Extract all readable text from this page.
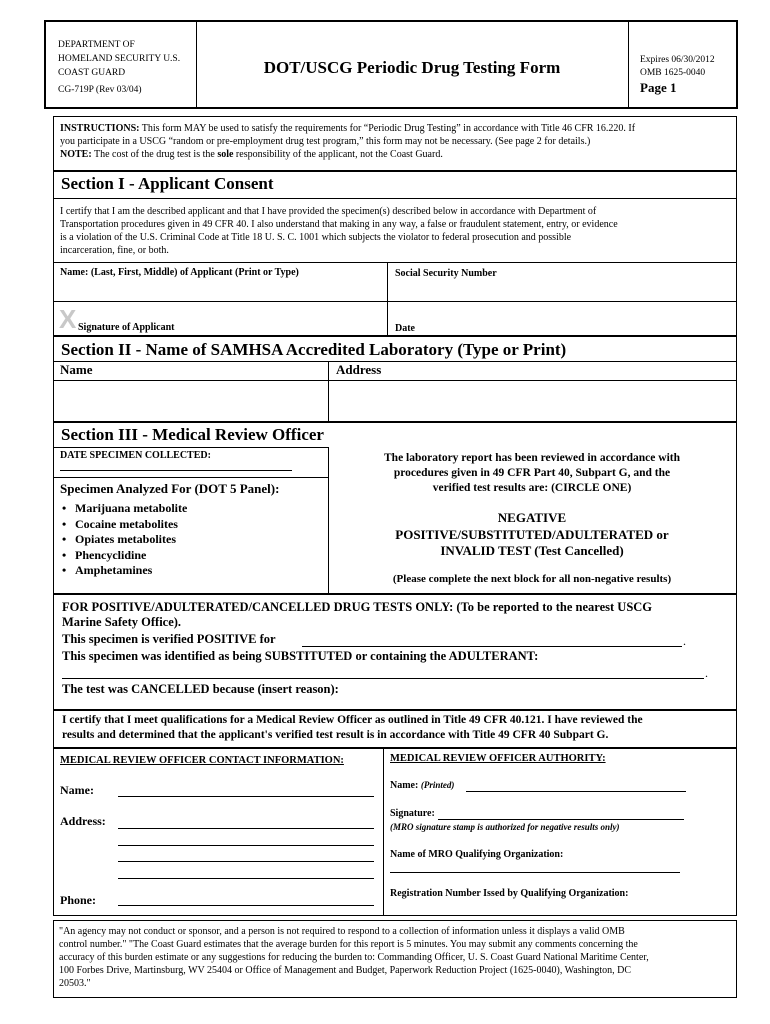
DEPARTMENT OF
HOMELAND SECURITY U.S.
COAST GUARD
CG-719P (Rev 03/04)
DOT/USCG Periodic Drug Testing Form	Expires 06/30/2012
OMB 1625-0040
Page 1
INSTRUCTIONS: This form MAY be used to satisfy the requirements for “Periodic Drug Testing” in accordance with Title 46 CFR 16.220. If
you participate in a USCG “random or pre-employment drug test program,” this form may not be necessary. (See page 2 for details.)
NOTE: The cost of the drug test is the sole responsibility of the applicant, not the Coast Guard.
Section I - Applicant Consent
I certify that I am the described applicant and that I have provided the specimen(s) described below in accordance with Department of
Transportation procedures given in 49 CFR 40. I also understand that making in any way, a false or fraudulent statement, entry, or evidence
is a violation of the U.S. Criminal Code at Title 18 U. S. C. 1001 which subjects the violator to federal prosecution and possible
incarceration, fine, or both.
Name: (Last, First, Middle) of Applicant (Print or Type)	Social Security Number
X Signature of Applicant	Date
Section II - Name of SAMHSA Accredited Laboratory (Type or Print)
Name	Address
Section III - Medical Review Officer
DATE SPECIMEN COLLECTED:
Specimen Analyzed For (DOT 5 Panel):
• Marijuana metabolite
• Cocaine metabolites
• Opiates metabolites
• Phencyclidine
• Amphetamines
The laboratory report has been reviewed in accordance with
procedures given in 49 CFR Part 40, Subpart G, and the
verified test results are: (CIRCLE ONE)
NEGATIVE
POSITIVE/SUBSTITUTED/ADULTERATED or
INVALID TEST (Test Cancelled)
(Please complete the next block for all non-negative results)
FOR POSITIVE/ADULTERATED/CANCELLED DRUG TESTS ONLY: (To be reported to the nearest USCG
Marine Safety Office).
This specimen is verified POSITIVE for	.
This specimen was identified as being SUBSTITUTED or containing the ADULTERANT:
.
The test was CANCELLED because (insert reason):
I certify that I meet qualifications for a Medical Review Officer as outlined in Title 49 CFR 40.121. I have reviewed the
results and determined that the applicant's verified test result is in accordance with Title 49 CFR 40 Subpart G.
MEDICAL REVIEW OFFICER CONTACT INFORMATION:
Name:
Address:
Phone:
MEDICAL REVIEW OFFICER AUTHORITY:
Name: (Printed)
Signature:
(MRO signature stamp is authorized for negative results only)
Name of MRO Qualifying Organization:
Registration Number Issed by Qualifying Organization:
"An agency may not conduct or sponsor, and a person is not required to respond to a collection of information unless it displays a valid OMB
control number." "The Coast Guard estimates that the average burden for this report is 5 minutes. You may submit any comments concerning the
accuracy of this burden estimate or any suggestions for reducing the burden to: Commanding Officer, U. S. Coast Guard National Maritime Center,
100 Forbes Drive, Martinsburg, WV 25404 or Office of Management and Budget, Paperwork Reduction Project (1625-0040), Washington, DC
20503."
